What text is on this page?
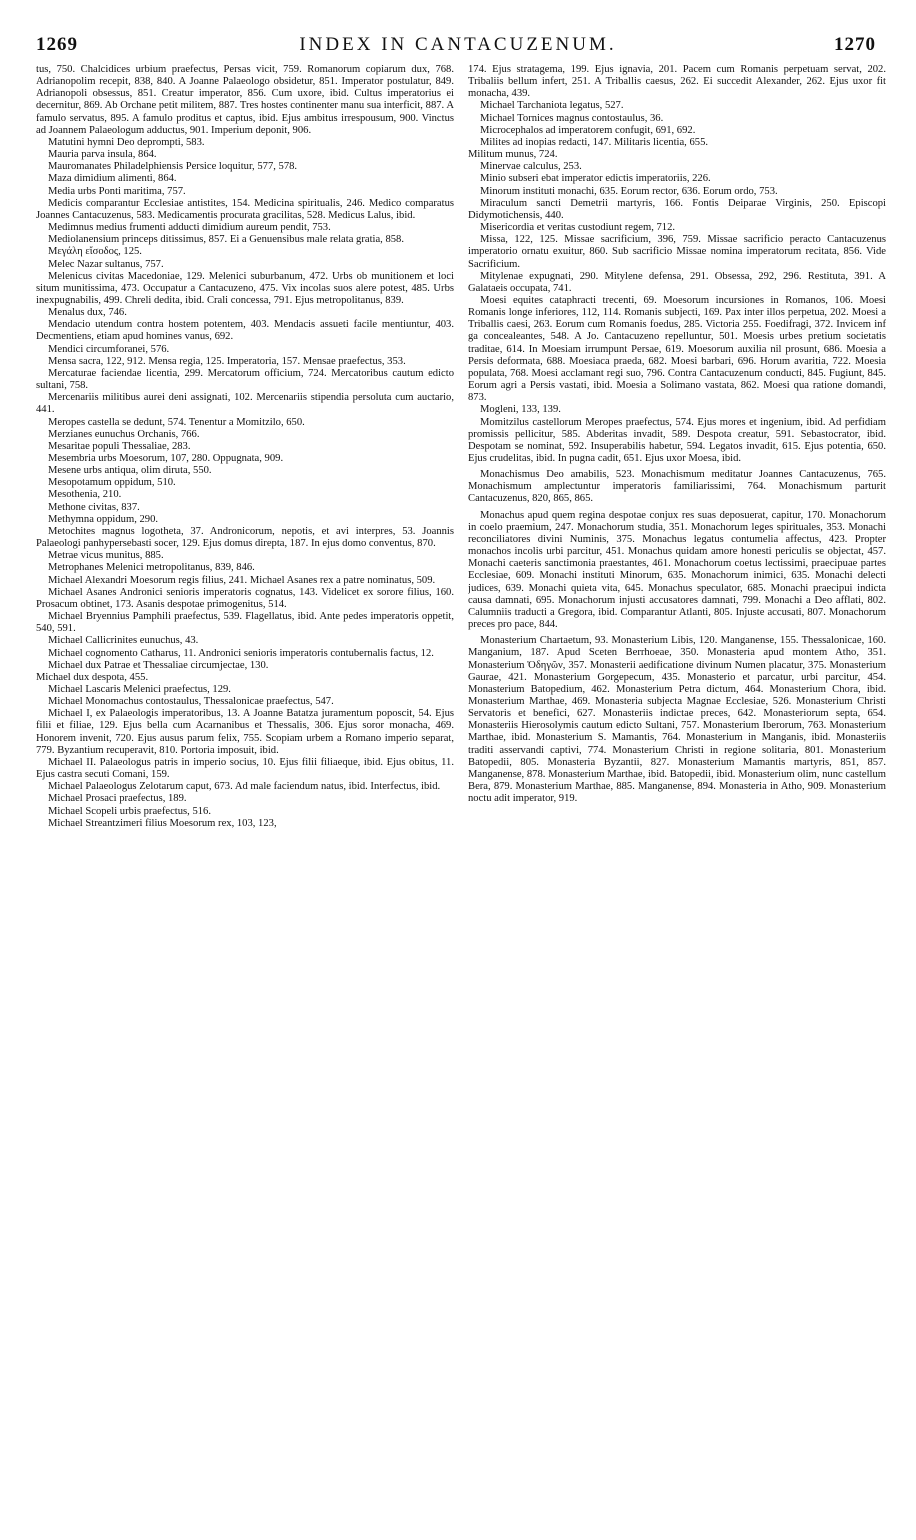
1269	INDEX IN CANTACUZENUM.	1270

tus, 750. Chalcidices urbium praefectus, Persas vicit, 759. Romanorum copiarum dux, 768. Adrianopolim recepit, 838, 840. A Joanne Palaeologo obsidetur, 851. Imperator postulatur, 849. Adrianopoli obsessus, 851. Creatur imperator, 856. Cum uxore, ibid. Cultus imperatorius ei decernitur, 869. Ab Orchane petit militem, 887. Tres hostes continenter manu sua interficit, 887. A famulo servatus, 895. A famulo proditus et captus, ibid. Ejus ambitus irrespousum, 900. Vinctus ad Joannem Palaeologum adductus, 901. Imperium deponit, 906.

Matutini hymni Deo deprompti, 583.

Mauria parva insula, 864.

Mauromanates Philadelphiensis Persice loquitur, 577, 578.

Maza dimidium alimenti, 864.

Media urbs Ponti maritima, 757.

Medicis comparantur Ecclesiae antistites, 154. Medicina spiritualis, 246. Medico comparatus Joannes Cantacuzenus, 583. Medicamentis procurata gracilitas, 528. Medicus Lalus, ibid.

Medimnus medius frumenti adducti dimidium aureum pendit, 753.

Mediolanensium princeps ditissimus, 857. Ei a Genuensibus male relata gratia, 858.

Μεγάλη εἴσοδος, 125.

Melec Nazar sultanus, 757.

Melenicus civitas Macedoniae, 129. Melenici suburbanum, 472. Urbs ob munitionem et loci situm munitissima, 473. Occupatur a Cantacuzeno, 475. Vix incolas suos alere potest, 485. Urbs inexpugnabilis, 499. Chreli dedita, ibid. Crali concessa, 791. Ejus metropolitanus, 839.

Menalus dux, 746.

Mendacio utendum contra hostem potentem, 403. Mendacis assueti facile mentiuntur, 403. Decmentiens, etiam apud homines vanus, 692.

Mendici circumforanei, 576.

Mensa sacra, 122, 912. Mensa regia, 125. Imperatoria, 157. Mensae praefectus, 353.

Mercaturae faciendae licentia, 299. Mercatorum officium, 724. Mercatoribus cautum edicto sultani, 758.

Mercenariis militibus aurei deni assignati, 102. Mercenariis stipendia persoluta cum auctario, 441.

Meropes castella se dedunt, 574. Tenentur a Momitzilo, 650.

Merzianes eunuchus Orchanis, 766.

Mesaritae populi Thessaliae, 283.

Mesembria urbs Moesorum, 107, 280. Oppugnata, 909.

Mesene urbs antiqua, olim diruta, 550.

Mesopotamum oppidum, 510.

Mesothenia, 210.

Methone civitas, 837.

Methymna oppidum, 290.

Metochites magnus logotheta, 37. Andronicorum, nepotis, et avi interpres, 53. Joannis Palaeologi panhypersebasti socer, 129. Ejus domus direpta, 187. In ejus domo conventus, 870.

Metrae vicus munitus, 885.

Metrophanes Melenici metropolitanus, 839, 846.

Michael Alexandri Moesorum regis filius, 241. Michael Asanes rex a patre nominatus, 509.

Michael Asanes Andronici senioris imperatoris cognatus, 143. Videlicet ex sorore filius, 160. Prosacum obtinet, 173. Asanis despotae primogenitus, 514.

Michael Bryennius Pamphili praefectus, 539. Flagellatus, ibid. Ante pedes imperatoris oppetit, 540, 591.

Michael Callicrinites eunuchus, 43.

Michael cognomento Catharus, 11. Andronici senioris imperatoris contubernalis factus, 12.

Michael dux Patrae et Thessaliae circumjectae, 130.

Michael dux despota, 455.

Michael Lascaris Melenici praefectus, 129.

Michael Monomachus contostaulus, Thessalonicae praefectus, 547.

Michael I, ex Palaeologis imperatoribus, 13. A Joanne Batatza juramentum poposcit, 54. Ejus filii et filiae, 129. Ejus bella cum Acarnanibus et Thessalis, 306. Ejus soror monacha, 469. Honorem invenit, 720. Ejus ausus parum felix, 755. Scopiam urbem a Romano imperio separat, 779. Byzantium recuperavit, 810. Portoria imposuit, ibid.

Michael II. Palaeologus patris in imperio socius, 10. Ejus filii filiaeque, ibid. Ejus obitus, 11. Ejus castra secuti Comani, 159.

Michael Palaeologus Zelotarum caput, 673. Ad male faciendum natus, ibid. Interfectus, ibid.

Michael Prosaci praefectus, 189.

Michael Scopeli urbis praefectus, 516.

Michael Streantzimeri filius Moesorum rex, 103, 123,

174. Ejus stratagema, 199. Ejus ignavia, 201. Pacem cum Romanis perpetuam servat, 202. Tribaliis bellum infert, 251. A Triballis caesus, 262. Ei succedit Alexander, 262. Ejus uxor fit monacha, 439.

Michael Tarchaniota legatus, 527.

Michael Tornices magnus contostaulus, 36.

Microcephalos ad imperatorem confugit, 691, 692.

Milites ad inopias redacti, 147. Militaris licentia, 655.

Militum munus, 724.

Minervae calculus, 253.

Minio subseri ebat imperator edictis imperatoriis, 226.

Minorum instituti monachi, 635. Eorum rector, 636. Eorum ordo, 753.

Miraculum sancti Demetrii martyris, 166. Fontis Deiparae Virginis, 250. Episcopi Didymotichensis, 440.

Misericordia et veritas custodiunt regem, 712.

Missa, 122, 125. Missae sacrificium, 396, 759. Missae sacrificio peracto Cantacuzenus imperatorio ornatu exuitur, 860. Sub sacrificio Missae nomina imperatorum recitata, 856. Vide Sacrificium.

Mitylenae expugnati, 290. Mitylene defensa, 291. Obsessa, 292, 296. Restituta, 391. A Galataeis occupata, 741.

Moesi equites cataphracti trecenti, 69. Moesorum incursiones in Romanos, 106. Moesi Romanis longe inferiores, 112, 114. Romanis subjecti, 169. Pax inter illos perpetua, 202. Moesi a Triballis caesi, 263. Eorum cum Romanis foedus, 285. Victoria 255. Foedifragi, 372. Invicem inf ga concealeantes, 548. A Jo. Cantacuzeno repelluntur, 501. Moesis urbes pretium societatis traditae, 614. In Moesiam irrumpunt Persae, 619. Moesorum auxilia nil prosunt, 686. Moesia a Persis deformata, 688. Moesiaca praeda, 682. Moesi barbari, 696. Horum avaritia, 722. Moesia populata, 768. Moesi acclamant regi suo, 796. Contra Cantacuzenum conducti, 845. Fugiunt, 845. Eorum agri a Persis vastati, ibid. Moesia a Solimano vastata, 862. Moesi qua ratione domandi, 873.

Mogleni, 133, 139.

Momitzilus castellorum Meropes praefectus, 574. Ejus mores et ingenium, ibid. Ad perfidiam promissis pellicitur, 585. Abderitas invadit, 589. Despota creatur, 591. Sebastocrator, ibid. Despotam se nominat, 592. Insuperabilis habetur, 594. Legatos invadit, 615. Ejus potentia, 650. Ejus crudelitas, ibid. In pugna cadit, 651. Ejus uxor Moesa, ibid.

Monachismus Deo amabilis, 523. Monachismum meditatur Joannes Cantacuzenus, 765. Monachismum amplectuntur imperatoris familiarissimi, 764. Monachismum parturit Cantacuzenus, 820, 865, 865.

Monachus apud quem regina despotae conjux res suas deposuerat, capitur, 170. Monachorum in coelo praemium, 247. Monachorum studia, 351. Monachorum leges spirituales, 353. Monachi reconciliatores divini Numinis, 375. Monachus legatus contumelia affectus, 423. Propter monachos incolis urbi parcitur, 451. Monachus quidam amore honesti periculis se objectat, 457. Monachi caeteris sanctimonia praestantes, 461. Monachorum coetus lectissimi, praecipuae partes Ecclesiae, 609. Monachi instituti Minorum, 635. Monachorum inimici, 635. Monachi delecti judices, 639. Monachi quieta vita, 645. Monachus speculator, 685. Monachi praecipui indicta causa damnati, 695. Monachorum injusti accusatores damnati, 799. Monachi a Deo afflati, 802. Calumniis traducti a Gregora, ibid. Comparantur Atlanti, 805. Injuste accusati, 807. Monachorum preces pro pace, 844.

Monasterium Chartaetum, 93. Monasterium Libis, 120. Manganense, 155. Thessalonicae, 160. Manganium, 187. Apud Sceten Berrhoeae, 350. Monasteria apud montem Atho, 351. Monasterium Ὁδηγῶν, 357. Monasterii aedificatione divinum Numen placatur, 375. Monasterium Gaurae, 421. Monasterium Gorgepecum, 435. Monasterio et parcatur, urbi parcitur, 454. Monasterium Batopedium, 462. Monasterium Petra dictum, 464. Monasterium Chora, ibid. Monasterium Marthae, 469. Monasteria subjecta Magnae Ecclesiae, 526. Monasterium Christi Servatoris et benefici, 627. Monasteriis indictae preces, 642. Monasteriorum septa, 654. Monasteriis Hierosolymis cautum edicto Sultani, 757. Monasterium Iberorum, 763. Monasterium Marthae, ibid. Monasterium S. Mamantis, 764. Monasterium in Manganis, ibid. Monasteriis traditi asservandi captivi, 774. Monasterium Christi in regione solitaria, 801. Monasterium Batopedii, 805. Monasteria Byzantii, 827. Monasterium Mamantis martyris, 851, 857. Manganense, 878. Monasterium Marthae, ibid. Batopedii, ibid. Monasterium olim, nunc castellum Bera, 879. Monasterium Marthae, 885. Manganense, 894. Monasteria in Atho, 909. Monasterium noctu adit imperator, 919.
